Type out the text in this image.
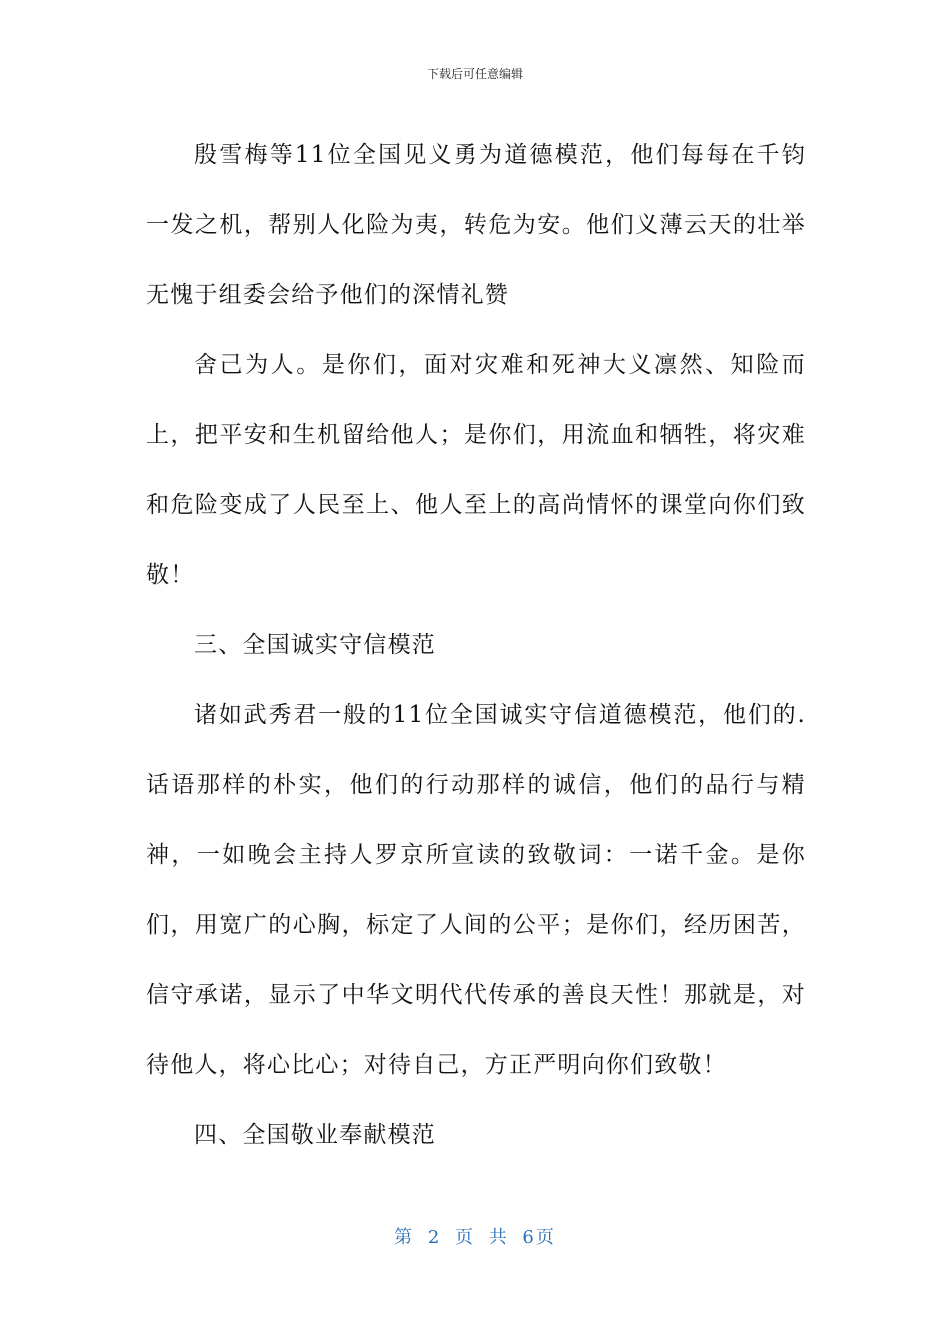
下载后可任意编辑

殷雪梅等11位全国见义勇为道德模范，他们每每在千钧一发之机，帮别人化险为夷，转危为安。他们义薄云天的壮举无愧于组委会给予他们的深情礼赞

舍己为人。是你们，面对灾难和死神大义凛然、知险而上，把平安和生机留给他人；是你们，用流血和牺牲，将灾难和危险变成了人民至上、他人至上的高尚情怀的课堂向你们致敬！

三、全国诚实守信模范

诸如武秀君一般的11位全国诚实守信道德模范，他们的.话语那样的朴实，他们的行动那样的诚信，他们的品行与精神，一如晚会主持人罗京所宣读的致敬词：一诺千金。是你们，用宽广的心胸，标定了人间的公平；是你们，经历困苦，信守承诺，显示了中华文明代代传承的善良天性！那就是，对待他人，将心比心；对待自己，方正严明向你们致敬！

四、全国敬业奉献模范

第 2 页 共 6页
